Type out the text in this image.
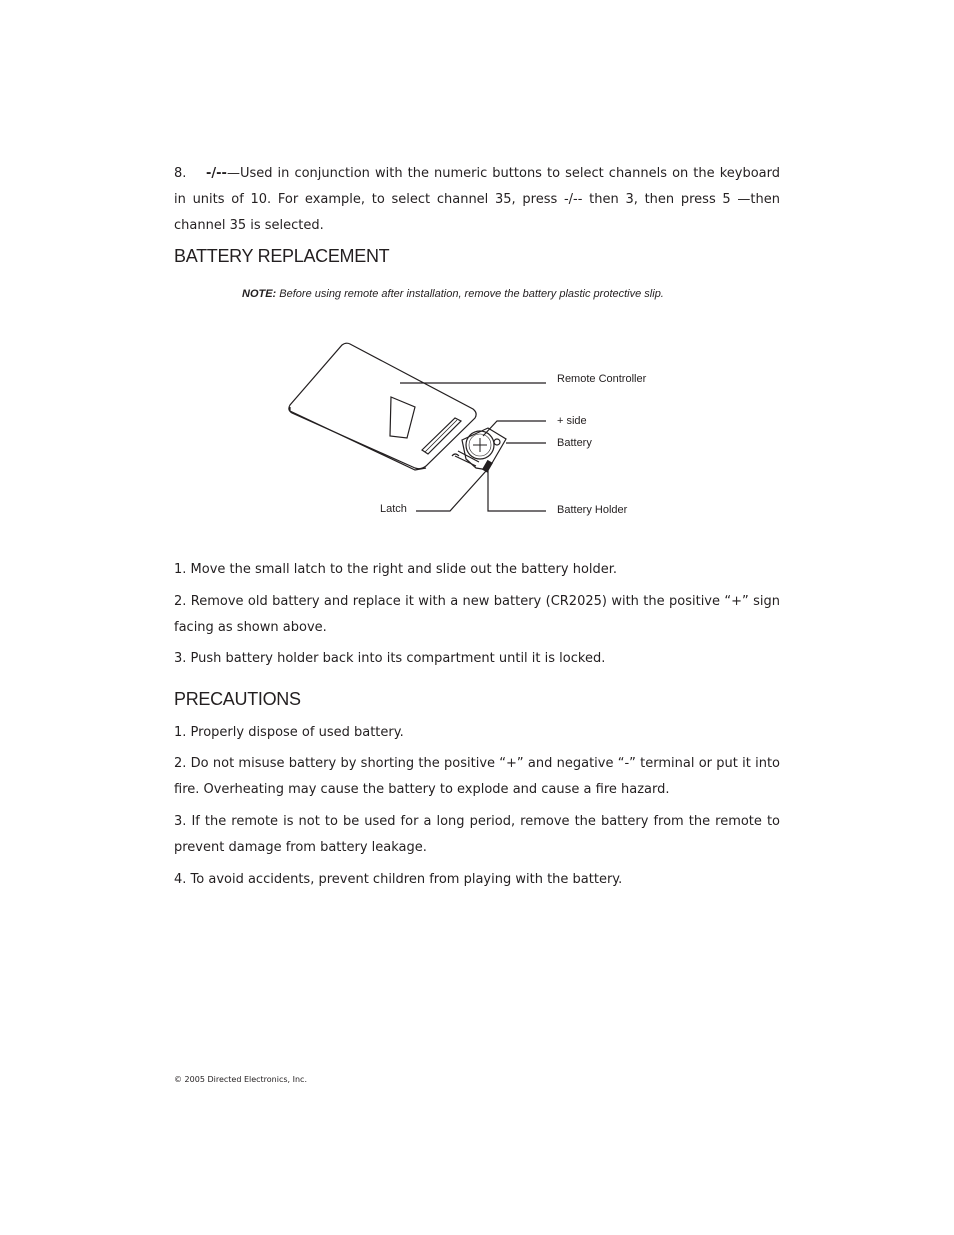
8. -/--—Used in conjunction with the numeric buttons to select channels on the keyboard in units of 10. For example, to select channel 35, press -/-- then 3, then press 5 —then channel 35 is selected.

BATTERY REPLACEMENT

NOTE: Before using remote after installation, remove the battery plastic protective slip.

Remote Controller
+ side
Battery
Latch	Battery Holder

1. Move the small latch to the right and slide out the battery holder.

2. Remove old battery and replace it with a new battery (CR2025) with the positive “+” sign facing as shown above.

3. Push battery holder back into its compartment until it is locked.

PRECAUTIONS

1. Properly dispose of used battery.

2. Do not misuse battery by shorting the positive “+” and negative “-” terminal or put it into fire. Overheating may cause the battery to explode and cause a fire hazard.

3. If the remote is not to be used for a long period, remove the battery from the remote to prevent damage from battery leakage.

4. To avoid accidents, prevent children from playing with the battery.

© 2005 Directed Electronics, Inc.
